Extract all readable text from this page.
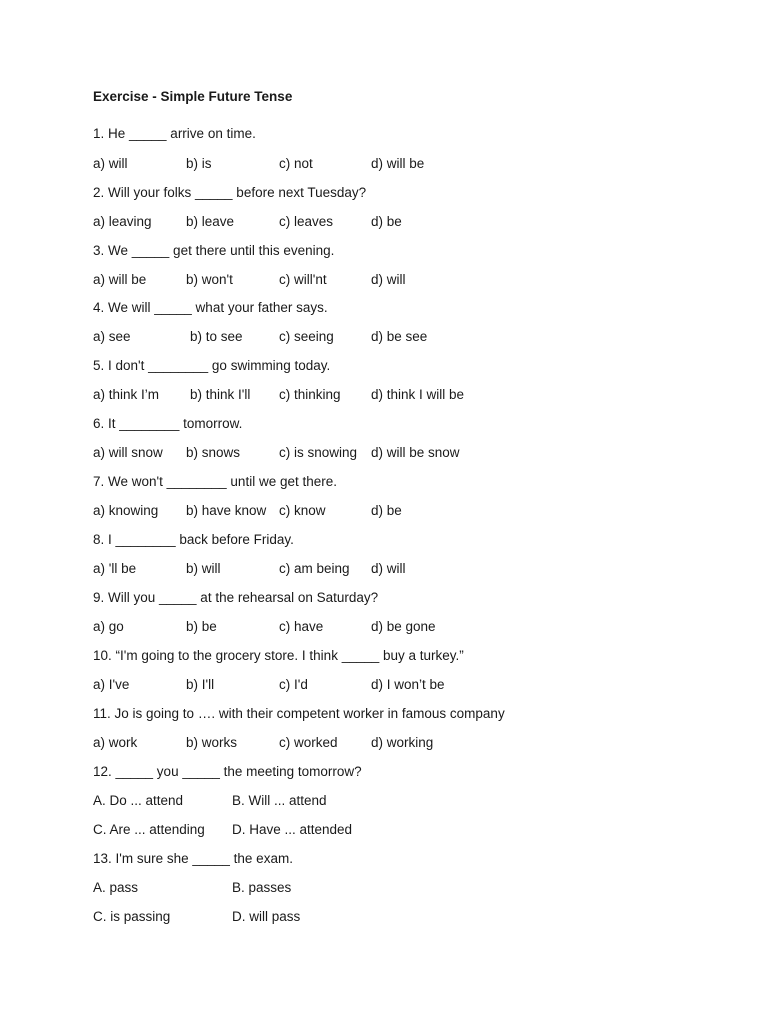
Exercise - Simple Future Tense
1. He _____ arrive on time.
a) will	b) is	c) not	d) will be
2. Will your folks _____ before next Tuesday?
a) leaving	b) leave	c) leaves	d) be
3. We _____ get there until this evening.
a) will be	b) won't	c) will'nt	d) will
4. We will _____ what your father says.
a) see	b) to see	c) seeing	d) be see
5. I don't ________ go swimming today.
a) think I’m b) think I'll c) thinking d) think I will be
6. It ________ tomorrow.
a) will snow b) snows	c) is snowing d) will be snow
7. We won't ________ until we get there.
a) knowing b) have know c) know	d) be
8. I ________ back before Friday.
a) 'll be	b) will	c) am being d) will
9. Will you _____ at the rehearsal on Saturday?
a) go	b) be	c) have	d) be gone
10. “I'm going to the grocery store. I think _____ buy a turkey.”
a) I've	b) I'll	c) I'd	d) I won’t be
11. Jo is going to …. with their competent worker in famous company
a) work	b) works	c) worked d) working
12. _____ you _____ the meeting tomorrow?
A. Do ... attend	B. Will ... attend
C. Are ... attending D. Have ... attended
13. I'm sure she _____ the exam.
A. pass	B. passes
C. is passing	D. will pass
